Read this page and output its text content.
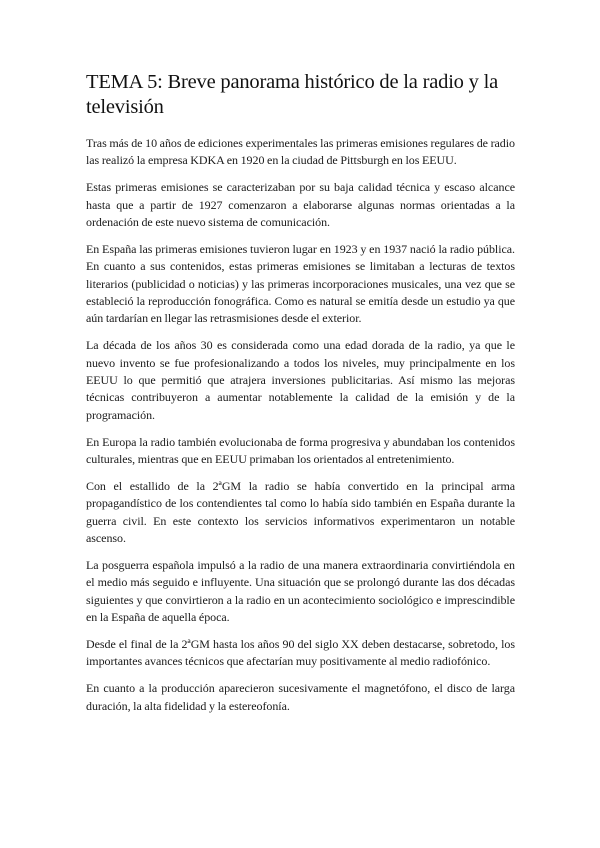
TEMA 5: Breve panorama histórico de la radio y la televisión

Tras más de 10 años de ediciones experimentales las primeras emisiones regulares de radio las realizó la empresa KDKA en 1920 en la ciudad de Pittsburgh en los EEUU.

Estas primeras emisiones se caracterizaban por su baja calidad técnica y escaso alcance hasta que a partir de 1927 comenzaron a elaborarse algunas normas orientadas a la ordenación de este nuevo sistema de comunicación.

En España las primeras emisiones tuvieron lugar en 1923 y en 1937 nació la radio pública. En cuanto a sus contenidos, estas primeras emisiones se limitaban a lecturas de textos literarios (publicidad o noticias) y las primeras incorporaciones musicales, una vez que se estableció la reproducción fonográfica. Como es natural se emitía desde un estudio ya que aún tardarían en llegar las retrasmisiones desde el exterior.

La década de los años 30 es considerada como una edad dorada de la radio, ya que le nuevo invento se fue profesionalizando a todos los niveles, muy principalmente en los EEUU lo que permitió que atrajera inversiones publicitarias. Así mismo las mejoras técnicas contribuyeron a aumentar notablemente la calidad de la emisión y de la programación.

En Europa la radio también evolucionaba de forma progresiva y abundaban los contenidos culturales, mientras que en EEUU primaban los orientados al entretenimiento.

Con el estallido de la 2ªGM la radio se había convertido en la principal arma propagandístico de los contendientes tal como lo había sido también en España durante la guerra civil. En este contexto los servicios informativos experimentaron un notable ascenso.

La posguerra española impulsó a la radio de una manera extraordinaria convirtiéndola en el medio más seguido e influyente. Una situación que se prolongó durante las dos décadas siguientes y que convirtieron a la radio en un acontecimiento sociológico e imprescindible en la España de aquella época.

Desde el final de la 2ªGM hasta los años 90 del siglo XX deben destacarse, sobretodo, los importantes avances técnicos que afectarían muy positivamente al medio radiofónico.

En cuanto a la producción aparecieron sucesivamente el magnetófono, el disco de larga duración, la alta fidelidad y la estereofonía.
